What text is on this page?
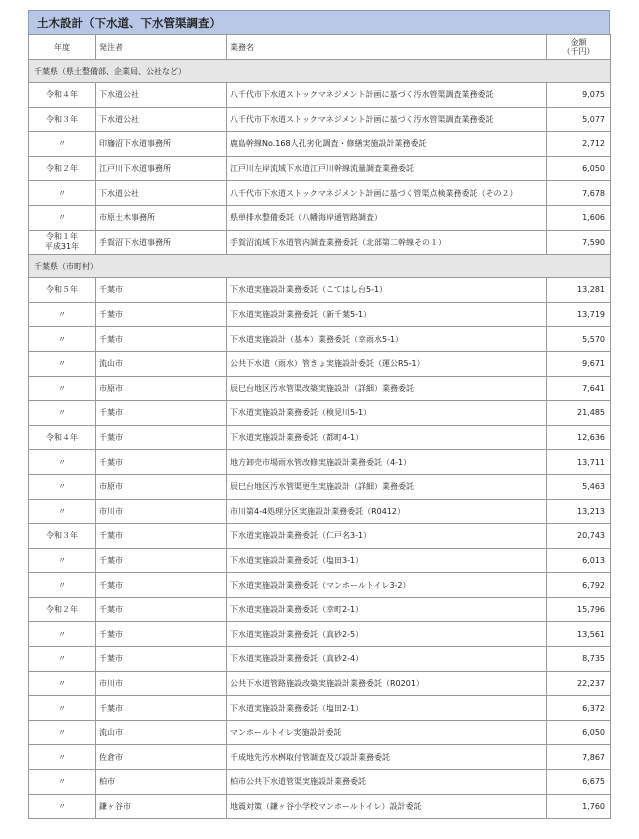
土木設計（下水道、下水管渠調査）
年度	発注者	業務名	金額
（千円）
千葉県（県土整備部、企業局、公社など）			
令和４年	下水道公社	八千代市下水道ストックマネジメント計画に基づく汚水管渠調査業務委託	9,075
令和３年	下水道公社	八千代市下水道ストックマネジメント計画に基づく汚水管渠調査業務委託	5,077
〃	印旛沼下水道事務所	鹿島幹線No.168人孔劣化調査・修繕実施設計業務委託	2,712
令和２年	江戸川下水道事務所	江戸川左岸流域下水道江戸川幹線流量調査業務委託	6,050
〃	下水道公社	八千代市下水道ストックマネジメント計画に基づく管渠点検業務委託（その２）	7,678
〃	市原土木事務所	県単排水整備委託（八幡海岸通管路調査）	1,606

令和１年
平成31年	手賀沼下水道事務所	手賀沼流域下水道管内調査業務委託（北部第二幹線その１）	7,590
千葉県（市町村）			
令和５年	千葉市	下水道実施設計業務委託（こてはし台5-1）	13,281
〃	千葉市	下水道実施設計業務委託（新千葉5-1）	13,719
〃	千葉市	下水道実施設計（基本）業務委託（幸雨水5-1）	5,570
〃	流山市	公共下水道（雨水）管きょ実施設計委託（運公R5-1）	9,671
〃	市原市	辰巳台地区汚水管渠改築実施設計（詳細）業務委託	7,641
〃	千葉市	下水道実施設計業務委託（検見川5-1）	21,485
令和４年	千葉市	下水道実施設計業務委託（都町4-1）	12,636
〃	千葉市	地方卸売市場雨水管改修実施設計業務委託（4-1）	13,711
〃	市原市	辰巳台地区汚水管渠更生実施設計（詳細）業務委託	5,463
〃	市川市	市川第4-4処理分区実施設計業務委託（R0412）	13,213
令和３年	千葉市	下水道実施設計業務委託（仁戸名3-1）	20,743
〃	千葉市	下水道実施設計業務委託（塩田3-1）	6,013
〃	千葉市	下水道実施設計業務委託（マンホールトイレ3-2）	6,792
令和２年	千葉市	下水道実施設計業務委託（幸町2-1）	15,796
〃	千葉市	下水道実施設計業務委託（真砂2-5）	13,561
〃	千葉市	下水道実施設計業務委託（真砂2-4）	8,735
〃	市川市	公共下水道管路施設改築実施設計業務委託（R0201）	22,237
〃	千葉市	下水道実施設計業務委託（塩田2-1）	6,372
〃	流山市	マンホールトイレ実施設計委託	6,050
〃	佐倉市	千成地先汚水桝取付管調査及び設計業務委託	7,867
〃	柏市	柏市公共下水道管渠実施設計業務委託	6,675
〃	鎌ヶ谷市	地震対策（鎌ヶ谷小学校マンホールトイレ）設計委託	1,760
